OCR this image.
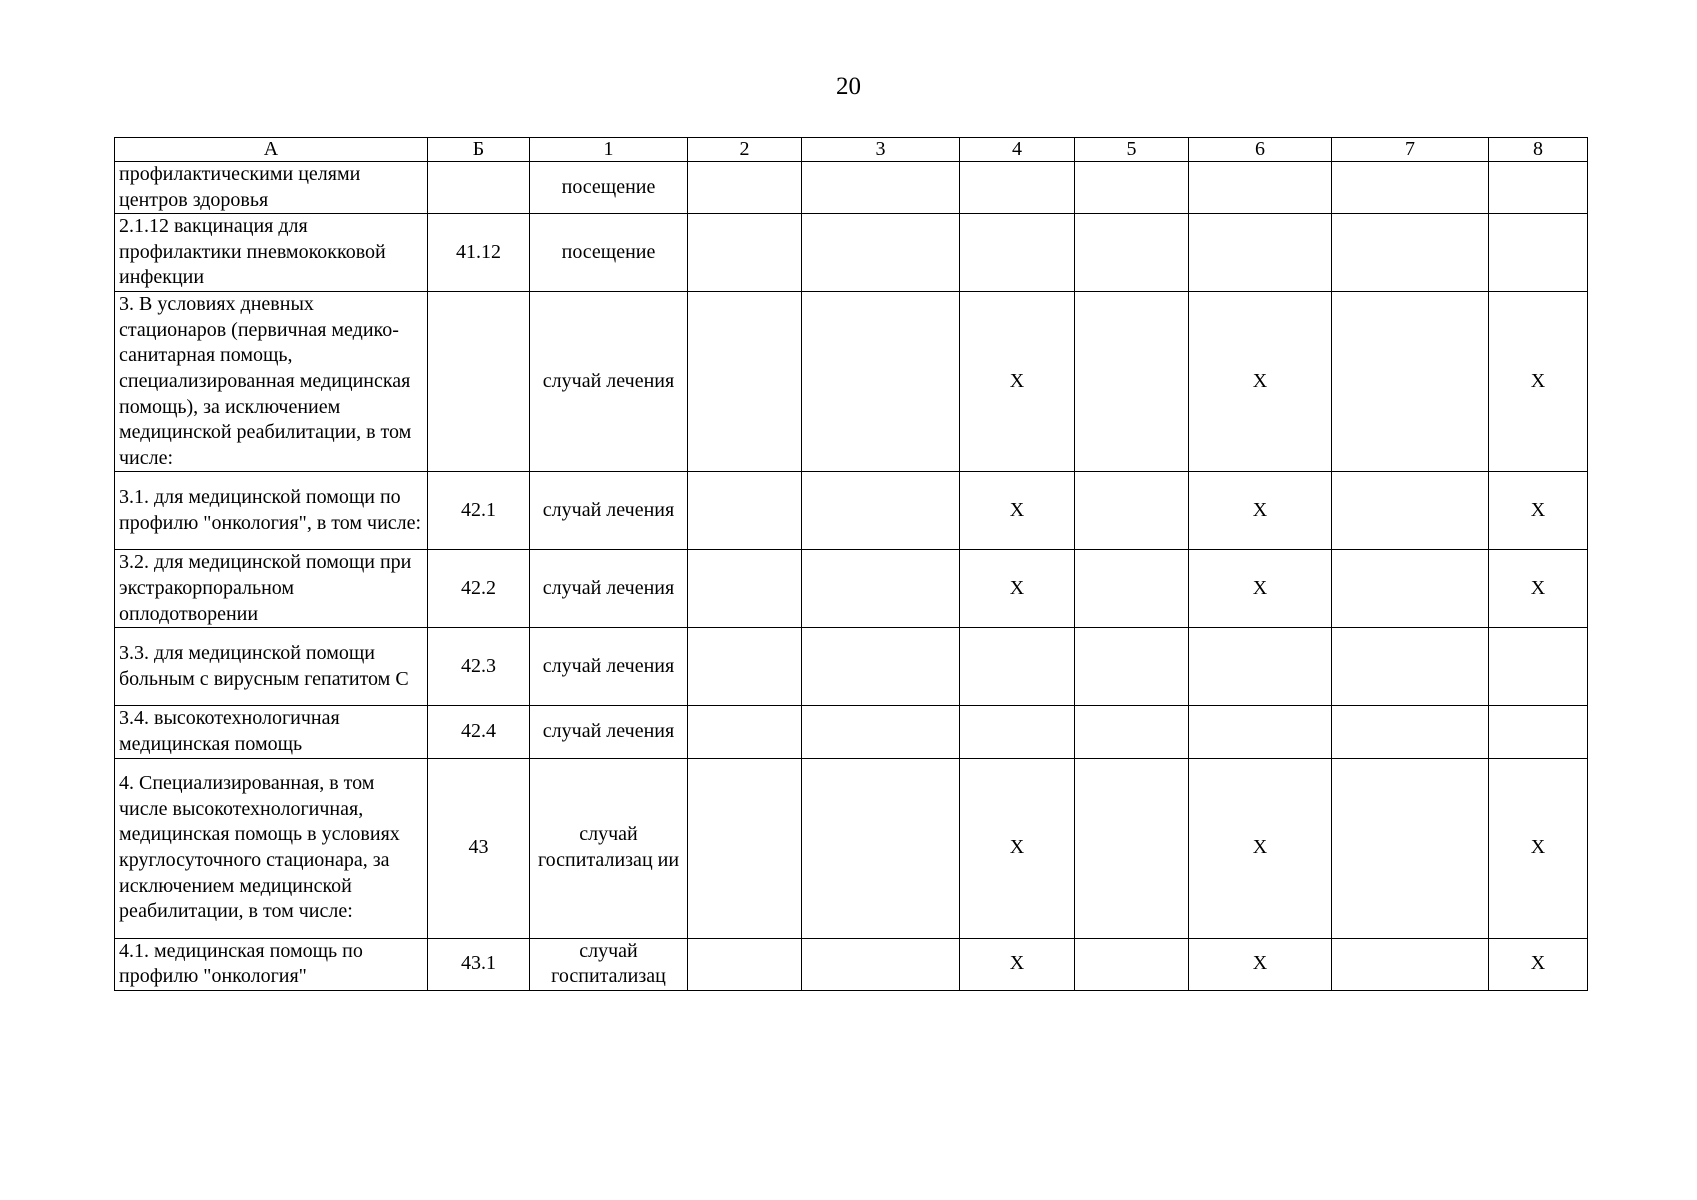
20
А	Б	1	2	3	4	5	6	7	8	
профилактическими целями центров здоровья		посещение								
2.1.12 вакцинация для профилактики пневмококковой инфекции	41.12	посещение								
3. В условиях дневных стационаров (первичная медико-санитарная помощь, специализированная медицинская помощь), за исключением медицинской реабилитации, в том числе:		случай лечения			Х		Х		Х	
3.1. для медицинской помощи по профилю "онкология", в том числе:	42.1	случай лечения			Х		Х		Х	
3.2. для медицинской помощи при экстракорпоральном оплодотворении	42.2	случай лечения			Х		Х		Х	
3.3. для медицинской помощи больным с вирусным гепатитом С	42.3	случай лечения								
3.4. высокотехнологичная медицинская помощь	42.4	случай лечения								
4. Специализированная, в том числе высокотехнологичная, медицинская помощь в условиях круглосуточного стационара, за исключением медицинской реабилитации, в том числе:	43	случай госпитализац ии			Х		Х		Х	
4.1. медицинская помощь по профилю "онкология"	43.1	случай госпитализац			Х		Х		Х	
